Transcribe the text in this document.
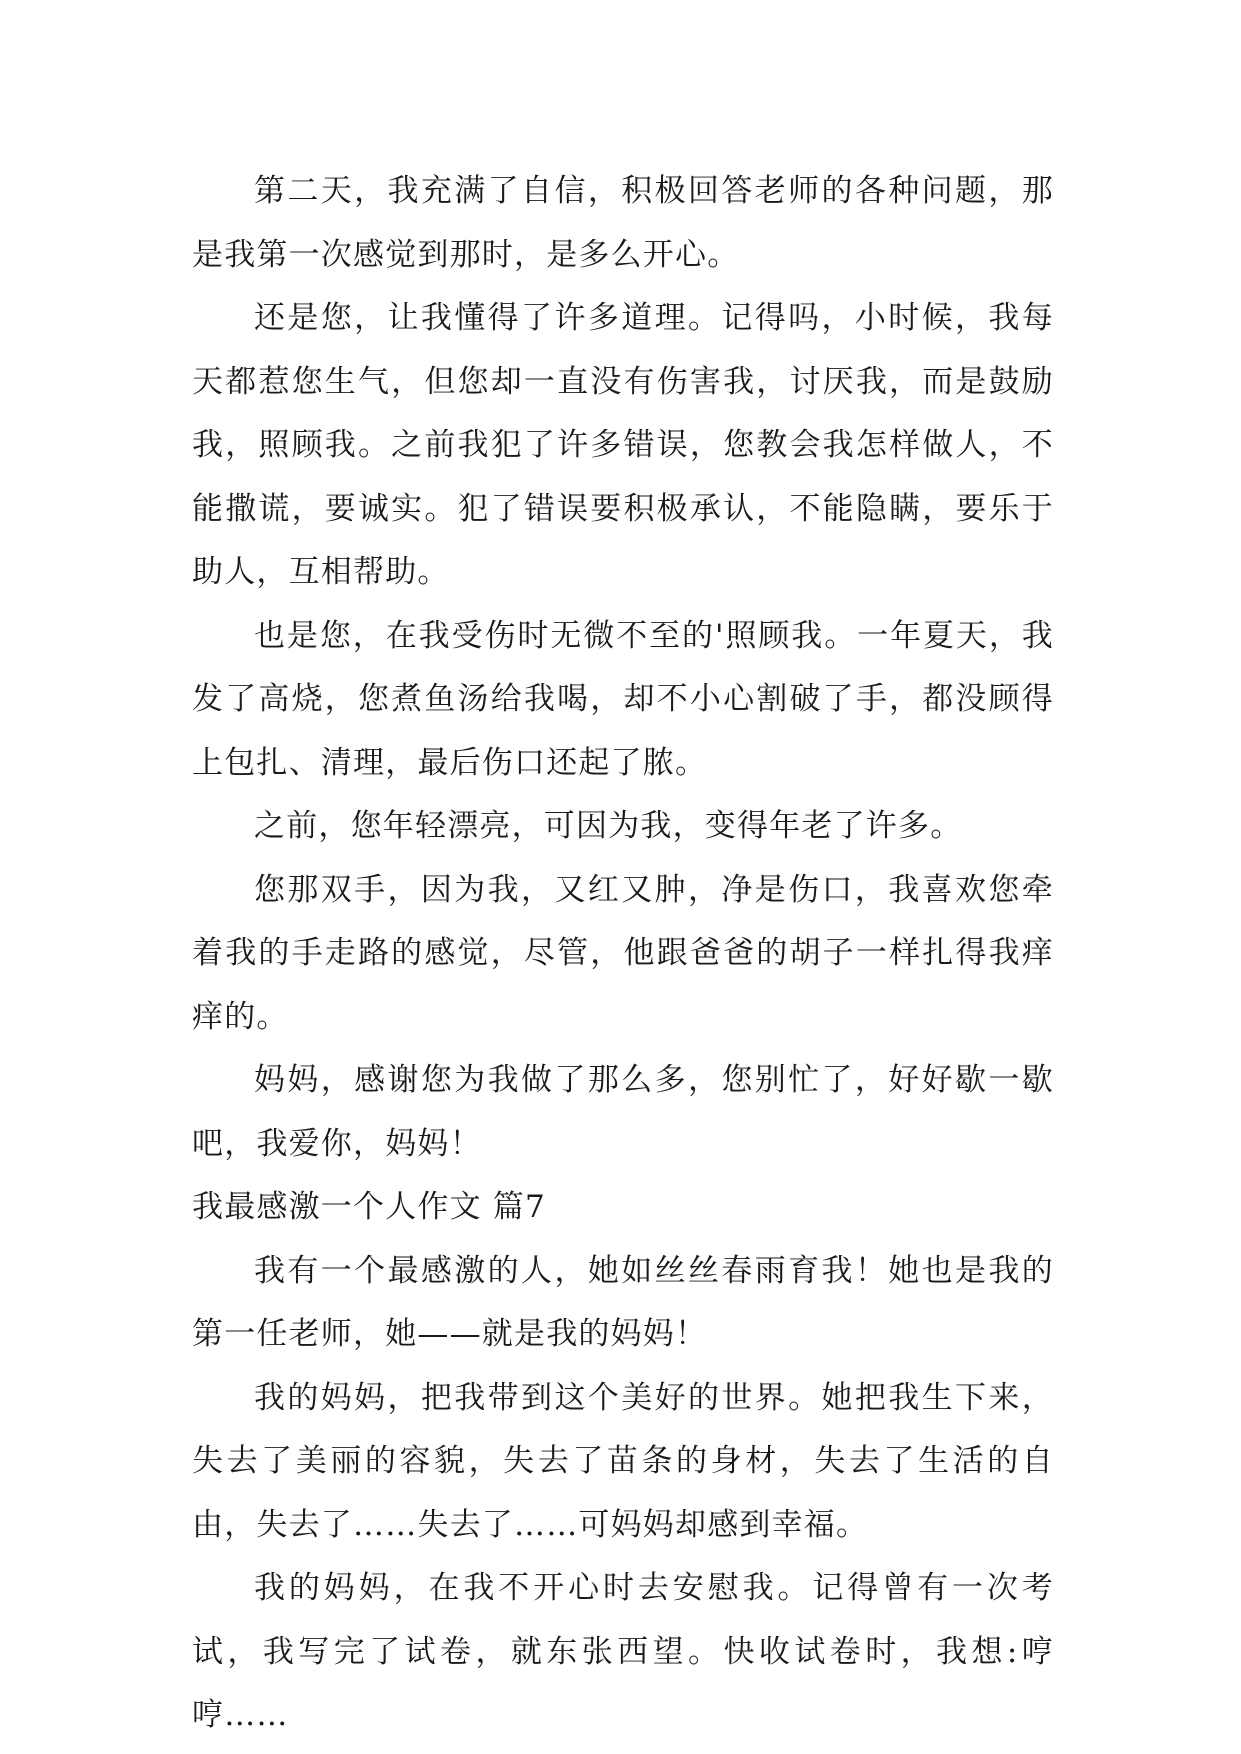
第二天，我充满了自信，积极回答老师的各种问题，那是我第一次感觉到那时，是多么开心。

还是您，让我懂得了许多道理。记得吗，小时候，我每天都惹您生气，但您却一直没有伤害我，讨厌我，而是鼓励我，照顾我。之前我犯了许多错误，您教会我怎样做人，不能撒谎，要诚实。犯了错误要积极承认，不能隐瞒，要乐于助人，互相帮助。

也是您，在我受伤时无微不至的'照顾我。一年夏天，我发了高烧，您煮鱼汤给我喝，却不小心割破了手，都没顾得上包扎、清理，最后伤口还起了脓。

之前，您年轻漂亮，可因为我，变得年老了许多。

您那双手，因为我，又红又肿，净是伤口，我喜欢您牵着我的手走路的感觉，尽管，他跟爸爸的胡子一样扎得我痒痒的。

妈妈，感谢您为我做了那么多，您别忙了，好好歇一歇吧，我爱你，妈妈！

我最感激一个人作文 篇7

我有一个最感激的人，她如丝丝春雨育我！她也是我的第一任老师，她——就是我的妈妈！

我的妈妈，把我带到这个美好的世界。她把我生下来，失去了美丽的容貌，失去了苗条的身材，失去了生活的自由，失去了……失去了……可妈妈却感到幸福。

我的妈妈，在我不开心时去安慰我。记得曾有一次考试，我写完了试卷，就东张西望。快收试卷时，我想:哼哼……
